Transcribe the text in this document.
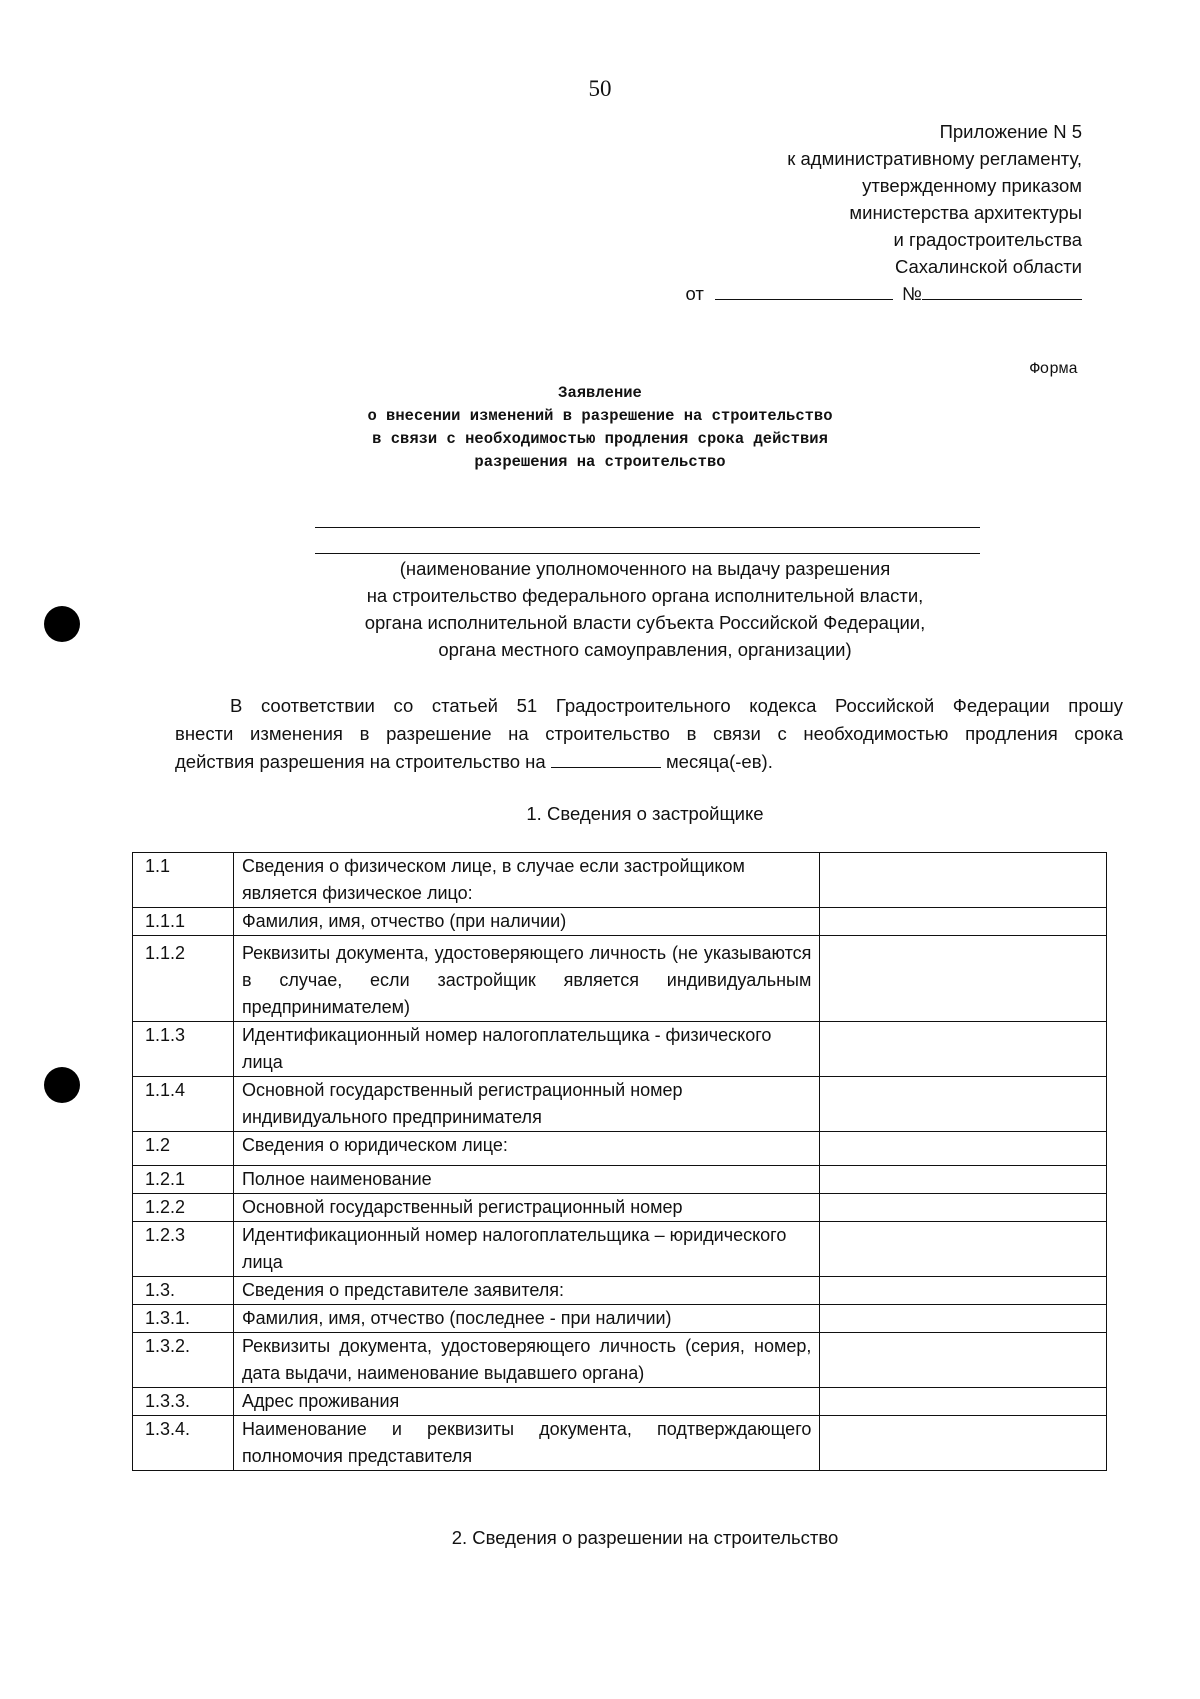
50
Приложение N 5
к административному регламенту,
утвержденному приказом
министерства архитектуры
и градостроительства
Сахалинской области
от	№
Форма
Заявление
о внесении изменений в разрешение на строительство
в связи с необходимостью продления срока действия
разрешения на строительство
(наименование уполномоченного на выдачу разрешения
на строительство федерального органа исполнительной власти,
органа исполнительной власти субъекта Российской Федерации,
органа местного самоуправления, организации)
В соответствии со статьей 51 Градостроительного кодекса Российской Федерации прошу
внести изменения в разрешение на строительство в связи с необходимостью продления срока
действия разрешения на строительство на	месяца(-ев).
1. Сведения о застройщике
1.1	Сведения о физическом лице, в случае если застройщиком является физическое лицо:	
1.1.1	Фамилия, имя, отчество (при наличии)	
1.1.2	Реквизиты документа, удостоверяющего личность (не указываются в случае, если застройщик является индивидуальным предпринимателем)	
1.1.3	Идентификационный номер налогоплательщика - физического лица	
1.1.4	Основной государственный регистрационный номер индивидуального предпринимателя	
1.2	Сведения о юридическом лице:	
1.2.1	Полное наименование	
1.2.2	Основной государственный регистрационный номер	
1.2.3	Идентификационный номер налогоплательщика – юридического лица	
1.3.	Сведения о представителе заявителя:	
1.3.1.	Фамилия, имя, отчество (последнее - при наличии)	
1.3.2.	Реквизиты документа, удостоверяющего личность (серия, номер, дата выдачи, наименование выдавшего органа)	
1.3.3.	Адрес проживания	
1.3.4.	Наименование и реквизиты документа, подтверждающего полномочия представителя	
2. Сведения о разрешении на строительство
